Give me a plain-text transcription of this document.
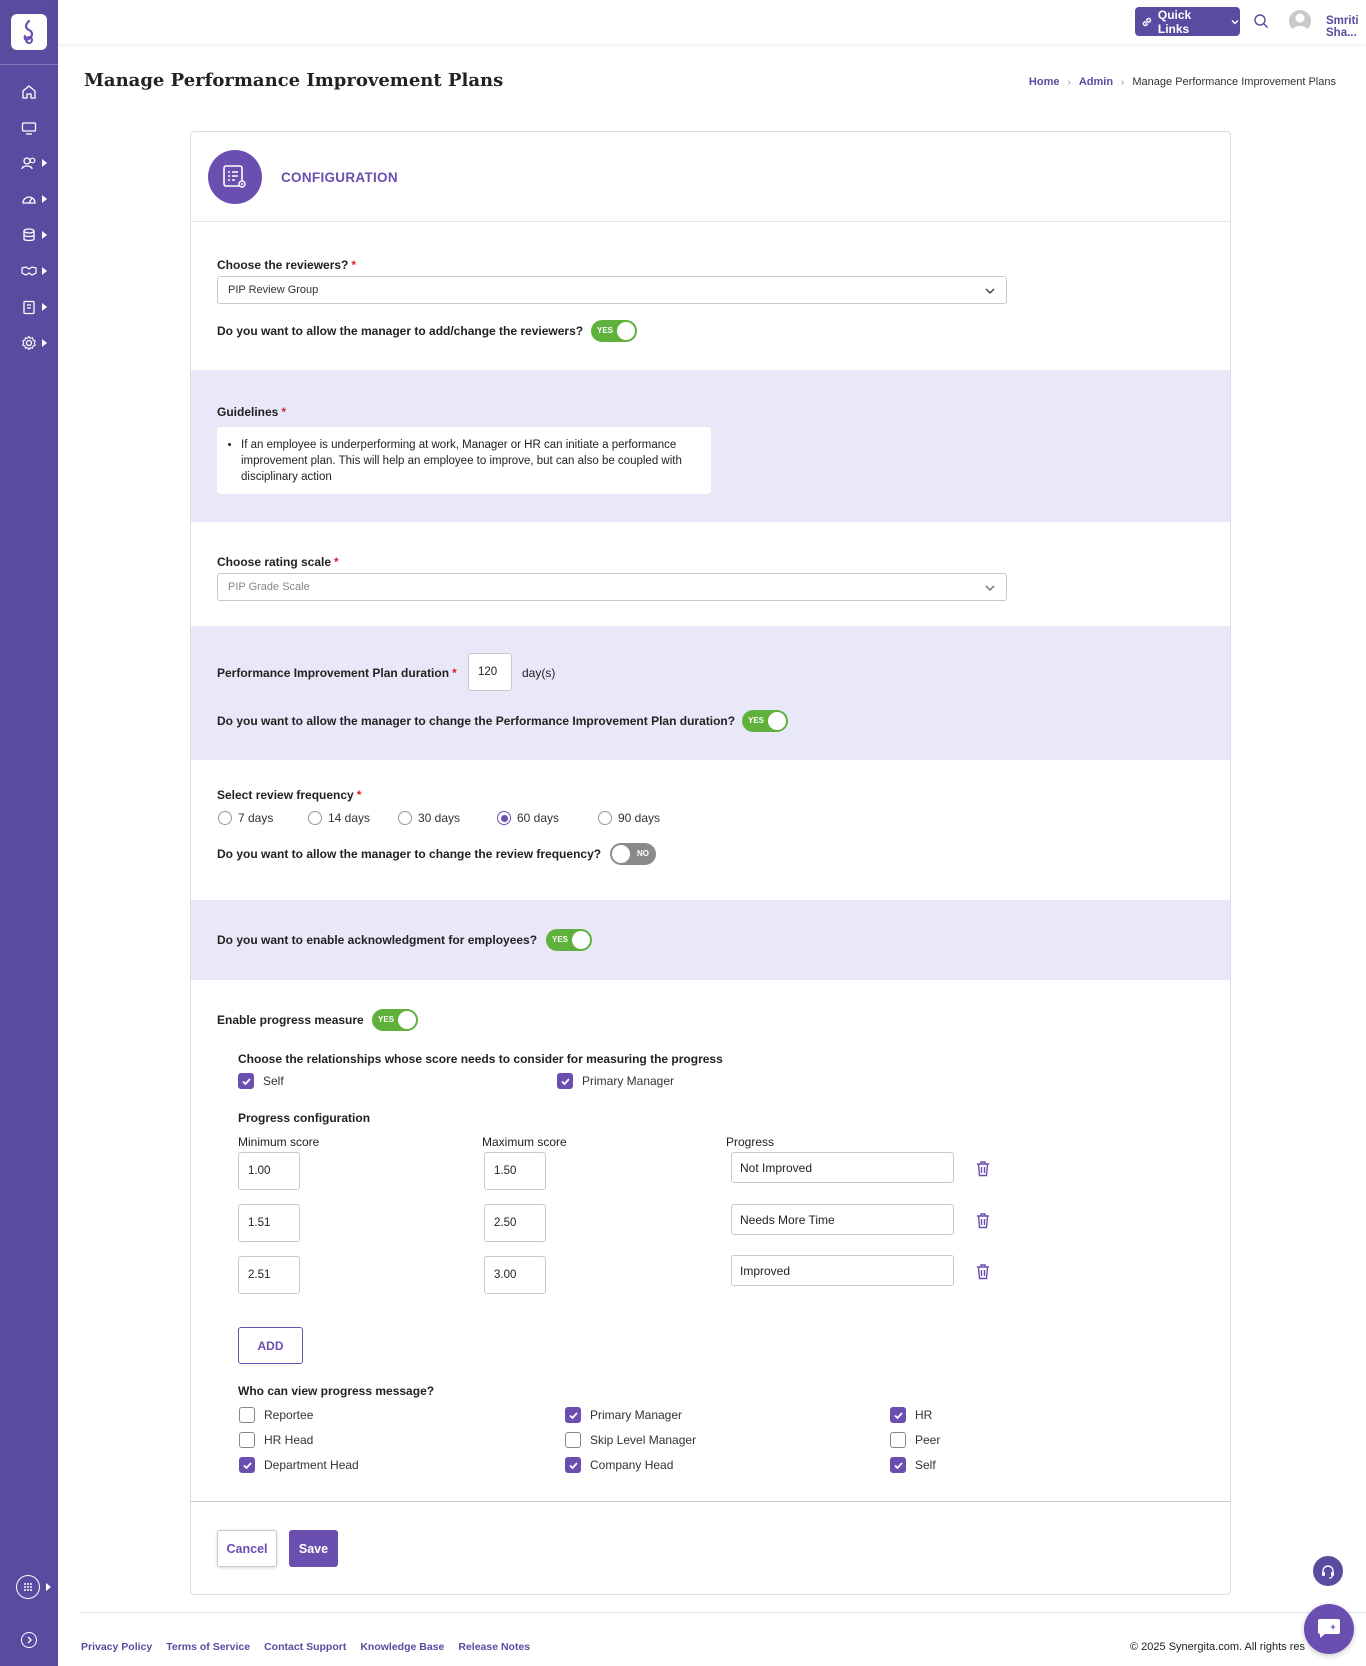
Quick Links
Smriti Sha...
Manage Performance Improvement Plans	Home › Admin › Manage Performance Improvement Plans
CONFIGURATION
Choose the reviewers? *
PIP Review Group
Do you want to allow the manager to add/change the reviewers? YES
Guidelines *
• If an employee is underperforming at work, Manager or HR can initiate a performance improvement plan. This will help an employee to improve, but can also be coupled with disciplinary action
Choose rating scale *
PIP Grade Scale
Performance Improvement Plan duration *	120	day(s)
Do you want to allow the manager to change the Performance Improvement Plan duration? YES
Select review frequency *
7 days	14 days	30 days	60 days	90 days
Do you want to allow the manager to change the review frequency?	NO
Do you want to enable acknowledgment for employees? YES
Enable progress measure YES
Choose the relationships whose score needs to consider for measuring the progress
Self	Primary Manager
Progress configuration
Minimum score	Maximum score	Progress
1.00	1.50	Not Improved
1.51	2.50	Needs More Time
2.51	3.00	Improved
ADD
Who can view progress message?
Reportee	Primary Manager	HR
HR Head	Skip Level Manager	Peer
Department Head	Company Head	Self
Cancel	Save
Privacy Policy Terms of Service Contact Support Knowledge Base Release Notes	© 2025 Synergita.com. All rights res
